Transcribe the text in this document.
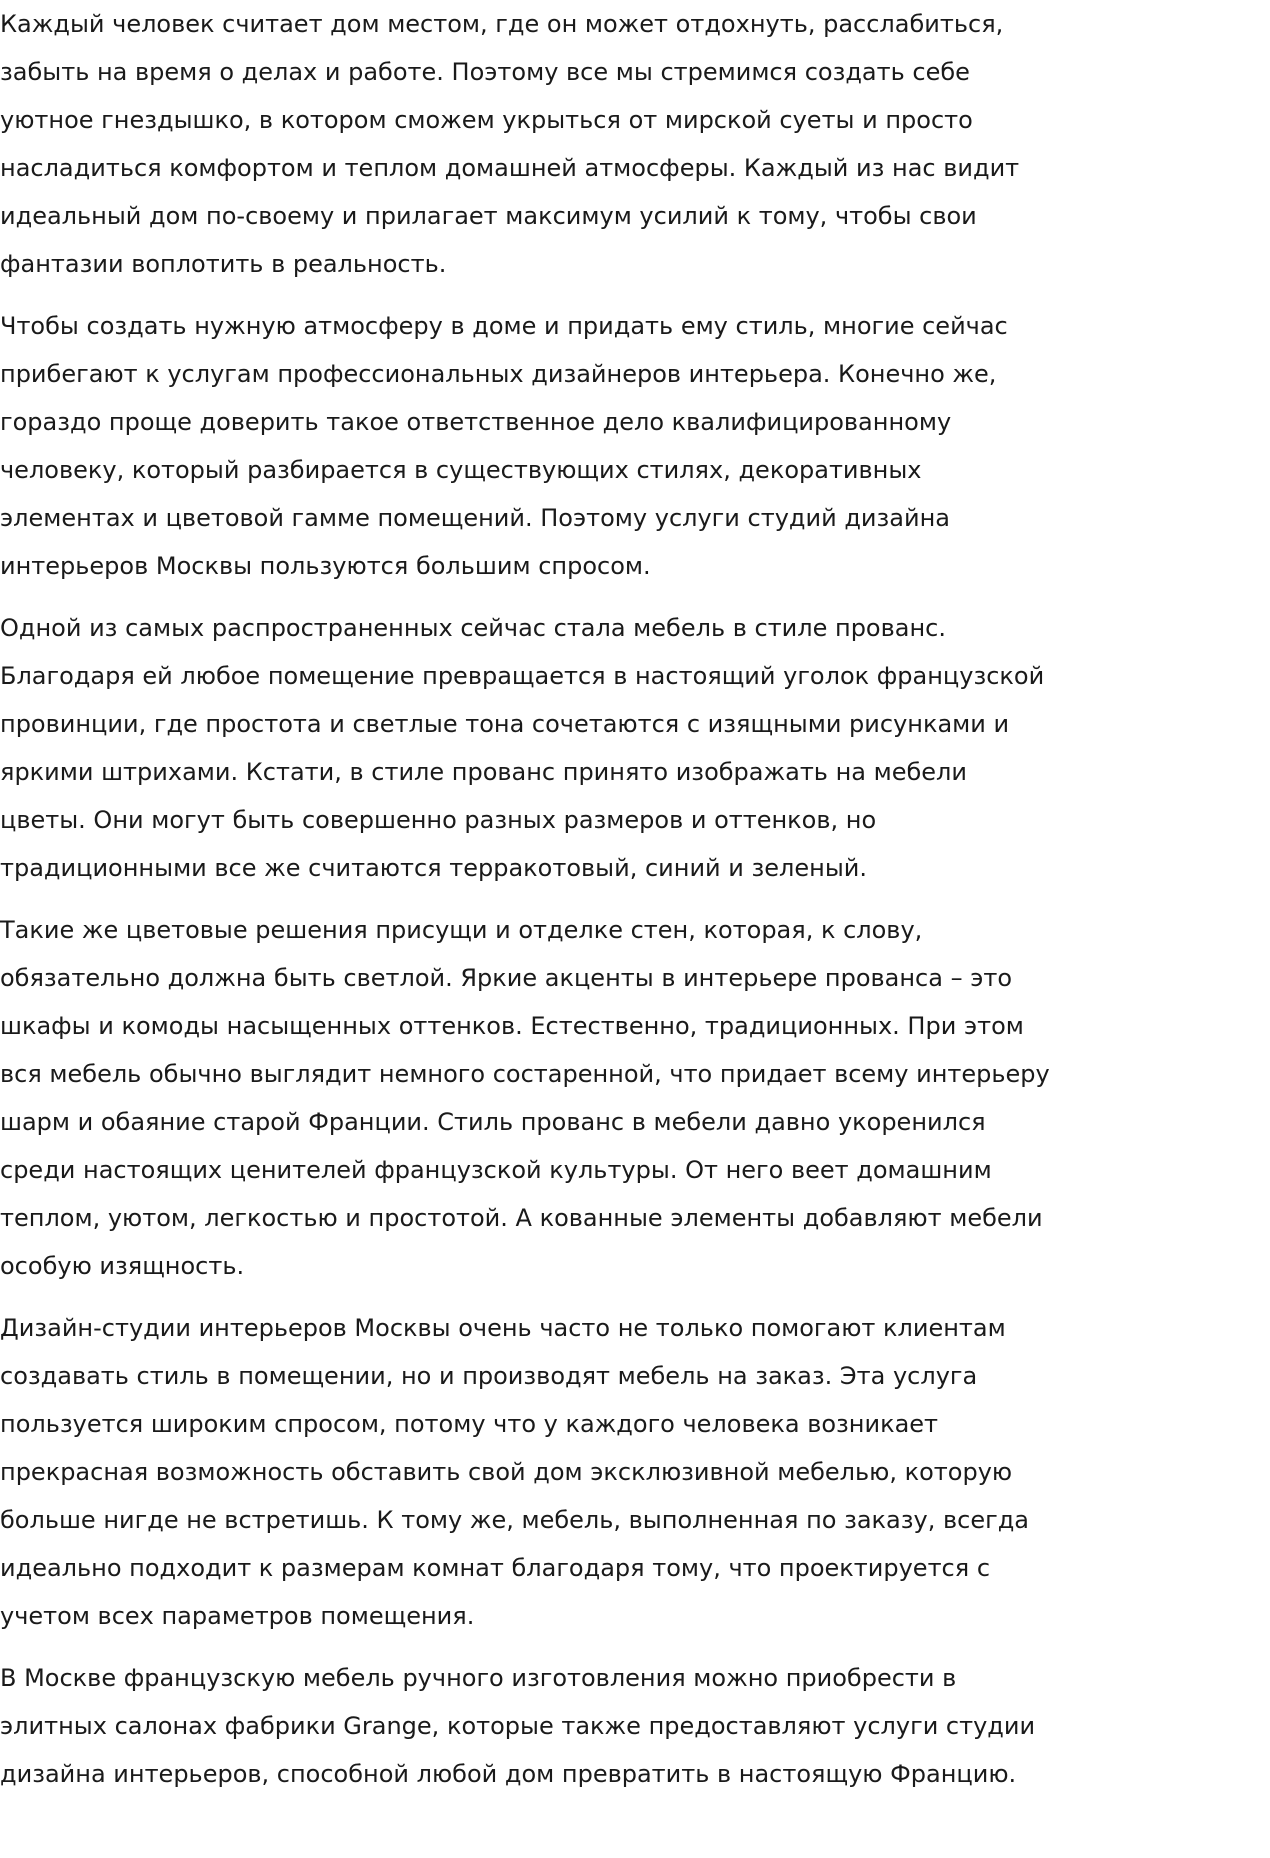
Каждый человек считает дом местом, где он может отдохнуть, расслабиться,
забыть на время о делах и работе. Поэтому все мы стремимся создать себе
уютное гнездышко, в котором сможем укрыться от мирской суеты и просто
насладиться комфортом и теплом домашней атмосферы. Каждый из нас видит
идеальный дом по-своему и прилагает максимум усилий к тому, чтобы свои
фантазии воплотить в реальность.

Чтобы создать нужную атмосферу в доме и придать ему стиль, многие сейчас
прибегают к услугам профессиональных дизайнеров интерьера. Конечно же,
гораздо проще доверить такое ответственное дело квалифицированному
человеку, который разбирается в существующих стилях, декоративных
элементах и цветовой гамме помещений. Поэтому услуги студий дизайна
интерьеров Москвы пользуются большим спросом.

Одной из самых распространенных сейчас стала мебель в стиле прованс.
Благодаря ей любое помещение превращается в настоящий уголок французской
провинции, где простота и светлые тона сочетаются с изящными рисунками и
яркими штрихами. Кстати, в стиле прованс принято изображать на мебели
цветы. Они могут быть совершенно разных размеров и оттенков, но
традиционными все же считаются терракотовый, синий и зеленый.

Такие же цветовые решения присущи и отделке стен, которая, к слову,
обязательно должна быть светлой. Яркие акценты в интерьере прованса – это
шкафы и комоды насыщенных оттенков. Естественно, традиционных. При этом
вся мебель обычно выглядит немного состаренной, что придает всему интерьеру
шарм и обаяние старой Франции. Стиль прованс в мебели давно укоренился
среди настоящих ценителей французской культуры. От него веет домашним
теплом, уютом, легкостью и простотой. А кованные элементы добавляют мебели
особую изящность.

Дизайн-студии интерьеров Москвы очень часто не только помогают клиентам
создавать стиль в помещении, но и производят мебель на заказ. Эта услуга
пользуется широким спросом, потому что у каждого человека возникает
прекрасная возможность обставить свой дом эксклюзивной мебелью, которую
больше нигде не встретишь. К тому же, мебель, выполненная по заказу, всегда
идеально подходит к размерам комнат благодаря тому, что проектируется с
учетом всех параметров помещения.

В Москве французскую мебель ручного изготовления можно приобрести в
элитных салонах фабрики Grange, которые также предоставляют услуги студии
дизайна интерьеров, способной любой дом превратить в настоящую Францию.
